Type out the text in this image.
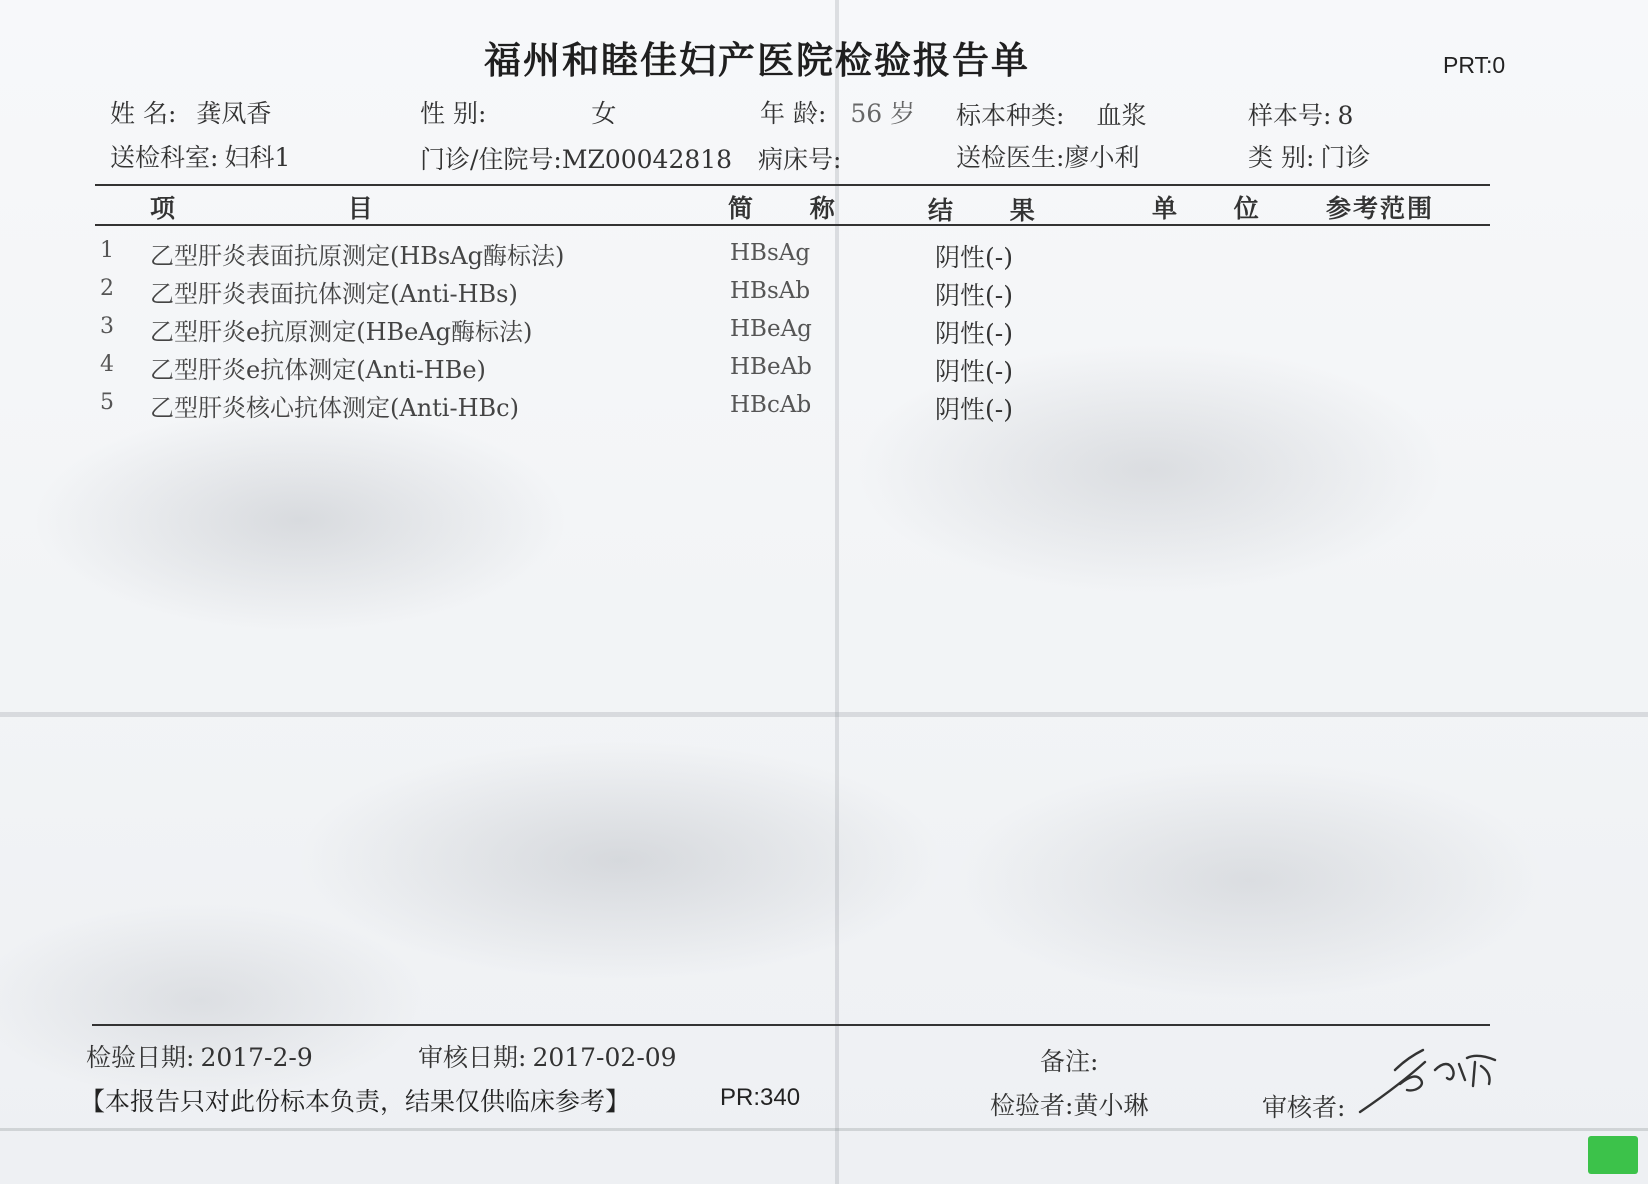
福州和睦佳妇产医院检验报告单	PRT:0
姓 名: 龚凤香	性 别:	女	年 龄: 56 岁 标本种类: 血浆	样本号: 8
送检科室: 妇科1	门诊/住院号:MZ00042818 病床号:	送检医生:廖小利	类 别: 门诊
项 目	简 称	结 果	单 位	参考范围
1 乙型肝炎表面抗原测定(HBsAg酶标法)	HBsAg	阴性(-)
2 乙型肝炎表面抗体测定(Anti-HBs)	HBsAb	阴性(-)
3 乙型肝炎e抗原测定(HBeAg酶标法)	HBeAg	阴性(-)
4 乙型肝炎e抗体测定(Anti-HBe)	HBeAb	阴性(-)
5 乙型肝炎核心抗体测定(Anti-HBc)	HBcAb	阴性(-)
检验日期: 2017-2-9	审核日期: 2017-02-09	备注:
【本报告只对此份标本负责，结果仅供临床参考】	PR:340	检验者:黄小琳	审核者:
